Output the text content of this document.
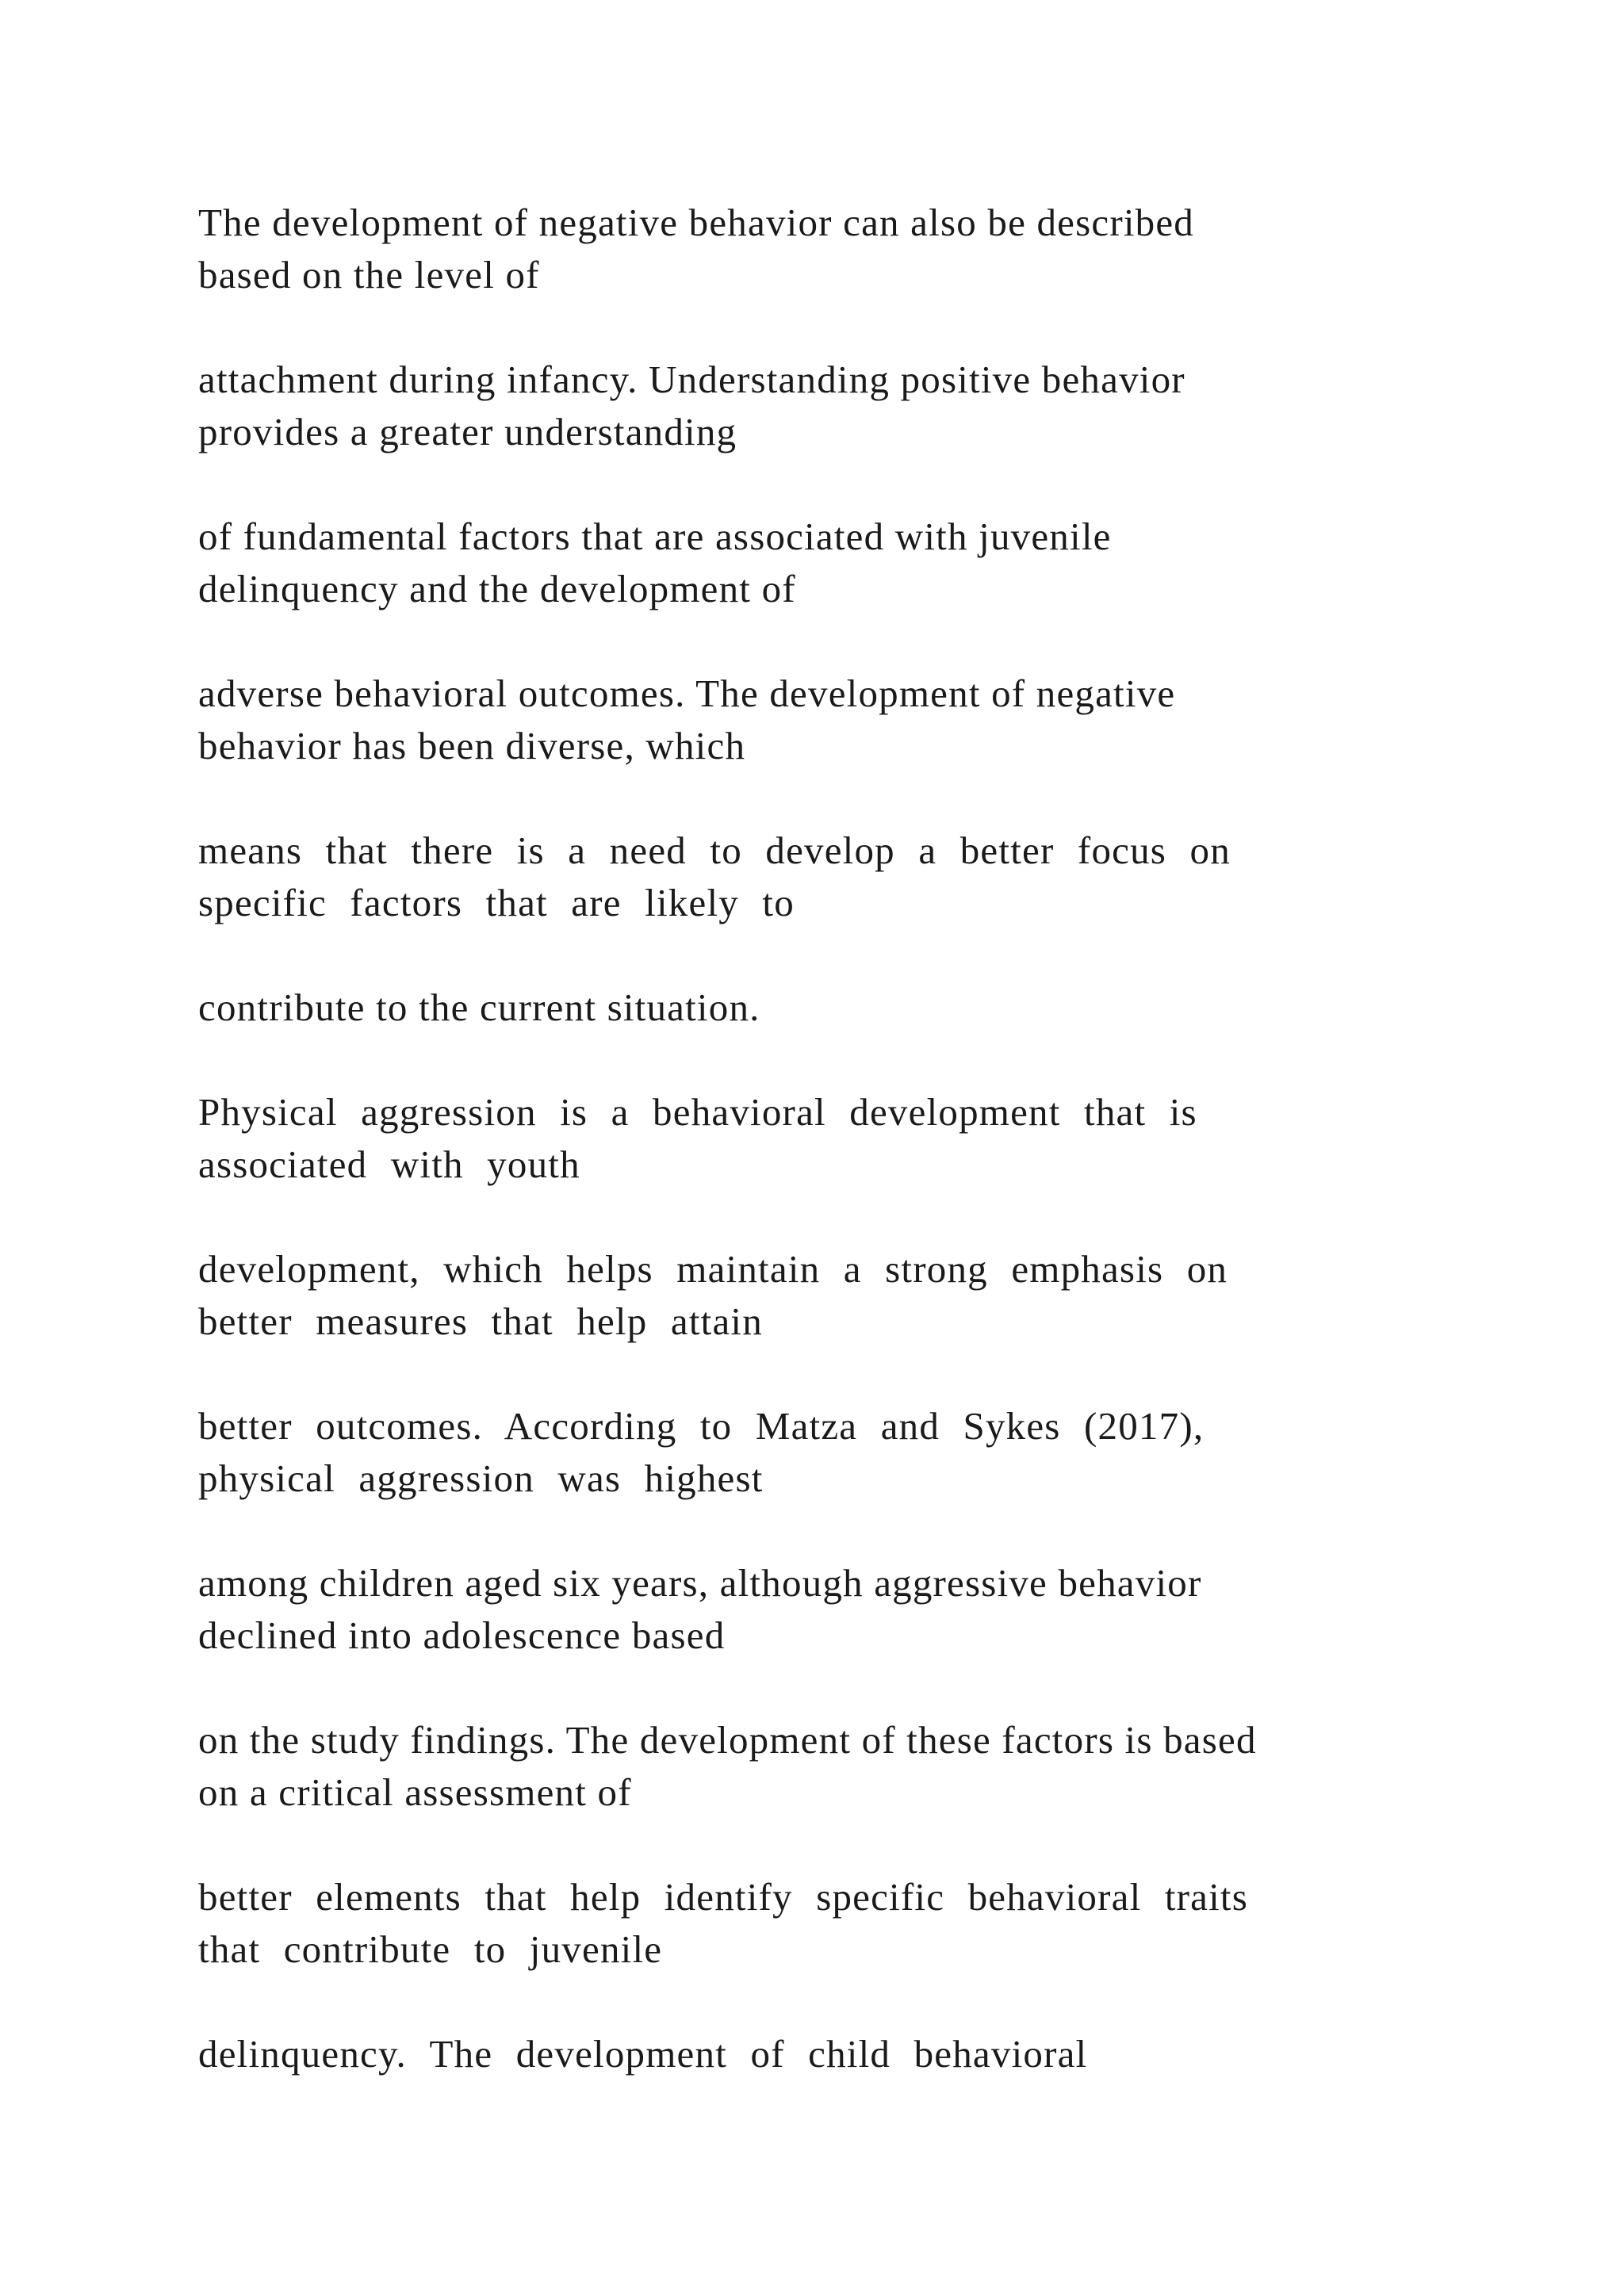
The development of negative behavior can also be described
based on the level of

attachment during infancy. Understanding positive behavior
provides a greater understanding

of fundamental factors that are associated with juvenile
delinquency and the development of

adverse behavioral outcomes. The development of negative
behavior has been diverse, which

means that there is a need to develop a better focus on
specific factors that are likely to

contribute to the current situation.

Physical aggression is a behavioral development that is
associated with youth

development, which helps maintain a strong emphasis on
better measures that help attain

better outcomes. According to Matza and Sykes (2017),
physical aggression was highest

among children aged six years, although aggressive behavior
declined into adolescence based

on the study findings. The development of these factors is based
on a critical assessment of

better elements that help identify specific behavioral traits
that contribute to juvenile

delinquency. The development of child behavioral
